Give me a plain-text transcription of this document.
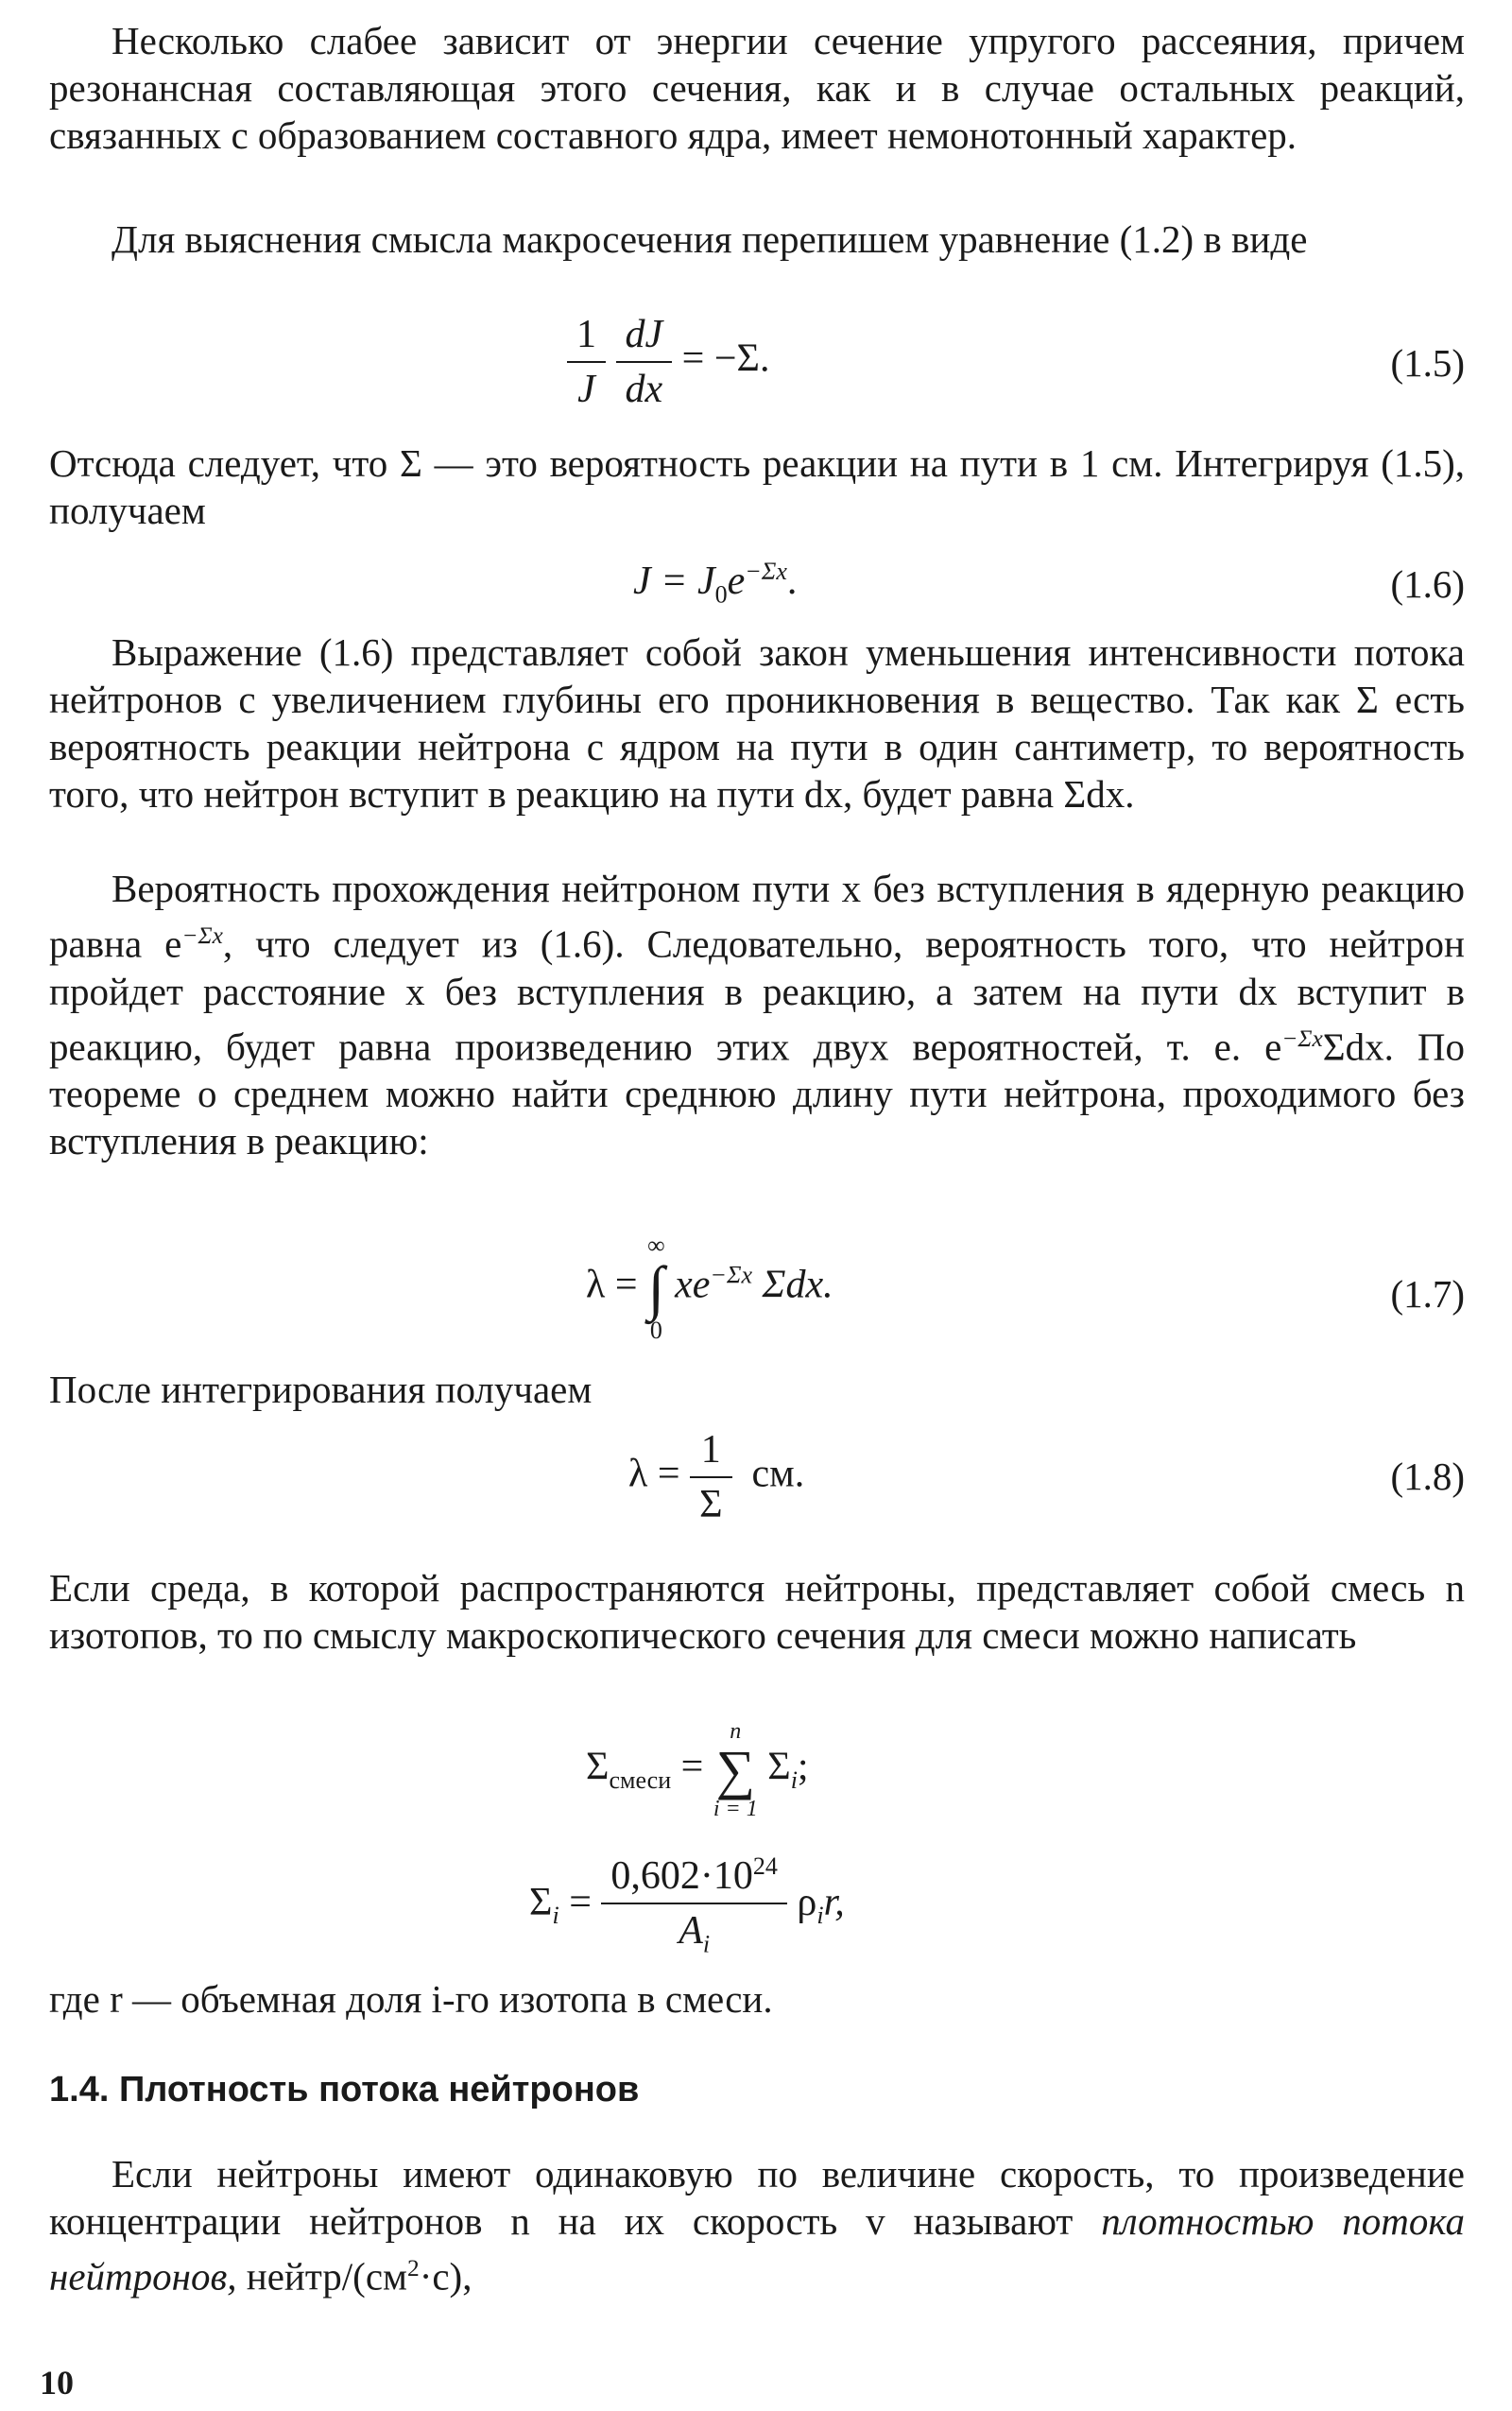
Несколько слабее зависит от энергии сечение упругого рассеяния, причем резонансная составляющая этого сечения, как и в случае остальных реакций, связанных с образованием составного ядра, имеет немонотонный характер.

Для выяснения смысла макросечения перепишем уравнение (1.2) в виде

$\frac{1}{J}$
$\frac{dJ}{dx} = -\Sigma$.	(1.5)

Отсюда следует, что Σ — это вероятность реакции на пути в 1 см. Интегрируя (1.5), получаем

$J = J_0e^{-\Sigma x}$.	(1.6)

Выражение (1.6) представляет собой закон уменьшения интенсивности потока нейтронов с увеличением глубины его проникновения в вещество. Так как Σ есть вероятность реакции нейтрона с ядром на пути в один сантиметр, то вероятность того, что нейтрон вступит в реакцию на пути dx, будет равна Σdx.

Вероятность прохождения нейтроном пути x без вступления в ядерную реакцию равна $e^{-\Sigma x}$, что следует из (1.6). Следовательно, вероятность того, что нейтрон пройдет расстояние x без вступления в реакцию, а затем на пути dx вступит в реакцию, будет равна произведению этих двух вероятностей, т. е. $e^{-\Sigma x}\Sigma dx$. По теореме о среднем можно найти среднюю длину пути нейтрона, проходимого без вступления в реакцию:

λ =
∞
∫
0
$xe^{-\Sigma x}$ Σdx.	(1.7)

После интегрирования получаем

$\lambda = \frac{1}{\Sigma}$ см.	(1.8)

Если среда, в которой распространяются нейтроны, представляет собой смесь n изотопов, то по смыслу макроскопического сечения для смеси можно написать

$\Sigma_{смеси}$ =
n
∑
i = 1
$\Sigma_i$;
$\Sigma_i = \frac{0,602\cdot 10^{24}}{A_i} \rho_ir$,

где r — объемная доля i-го изотопа в смеси.

1.4. Плотность потока нейтронов

Если нейтроны имеют одинаковую по величине скорость, то произведение концентрации нейтронов n на их скорость v называют плотностью потока нейтронов, нейтр/$(см^2\cdot с)$,

10
